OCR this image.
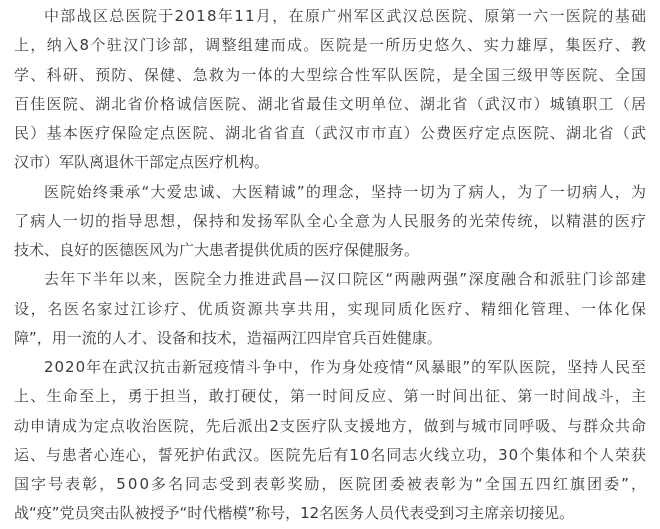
中部战区总医院于2018年11月，在原广州军区武汉总医院、原第一六一医院的基础
上，纳入8个驻汉门诊部，调整组建而成。医院是一所历史悠久、实力雄厚，集医疗、教
学、科研、预防、保健、急救为一体的大型综合性军队医院，是全国三级甲等医院、全国
百佳医院、湖北省价格诚信医院、湖北省最佳文明单位、湖北省（武汉市）城镇职工（居
民）基本医疗保险定点医院、湖北省省直（武汉市市直）公费医疗定点医院、湖北省（武
汉市）军队离退休干部定点医疗机构。
医院始终秉承“大爱忠诚、大医精诚”的理念，坚持一切为了病人，为了一切病人，为
了病人一切的指导思想，保持和发扬军队全心全意为人民服务的光荣传统，以精湛的医疗
技术、良好的医德医风为广大患者提供优质的医疗保健服务。
去年下半年以来，医院全力推进武昌—汉口院区“两融两强”深度融合和派驻门诊部建
设，名医名家过江诊疗、优质资源共享共用，实现同质化医疗、精细化管理、一体化保
障”，用一流的人才、设备和技术，造福两江四岸官兵百姓健康。
2020年在武汉抗击新冠疫情斗争中，作为身处疫情“风暴眼”的军队医院，坚持人民至
上、生命至上，勇于担当，敢打硬仗，第一时间反应、第一时间出征、第一时间战斗，主
动申请成为定点收治医院，先后派出2支医疗队支援地方，做到与城市同呼吸、与群众共命
运、与患者心连心，誓死护佑武汉。医院先后有10名同志火线立功，30个集体和个人荣获
国字号表彰，500多名同志受到表彰奖励，医院团委被表彰为“全国五四红旗团委”，
战“疫”党员突击队被授予“时代楷模”称号，12名医务人员代表受到习主席亲切接见。
